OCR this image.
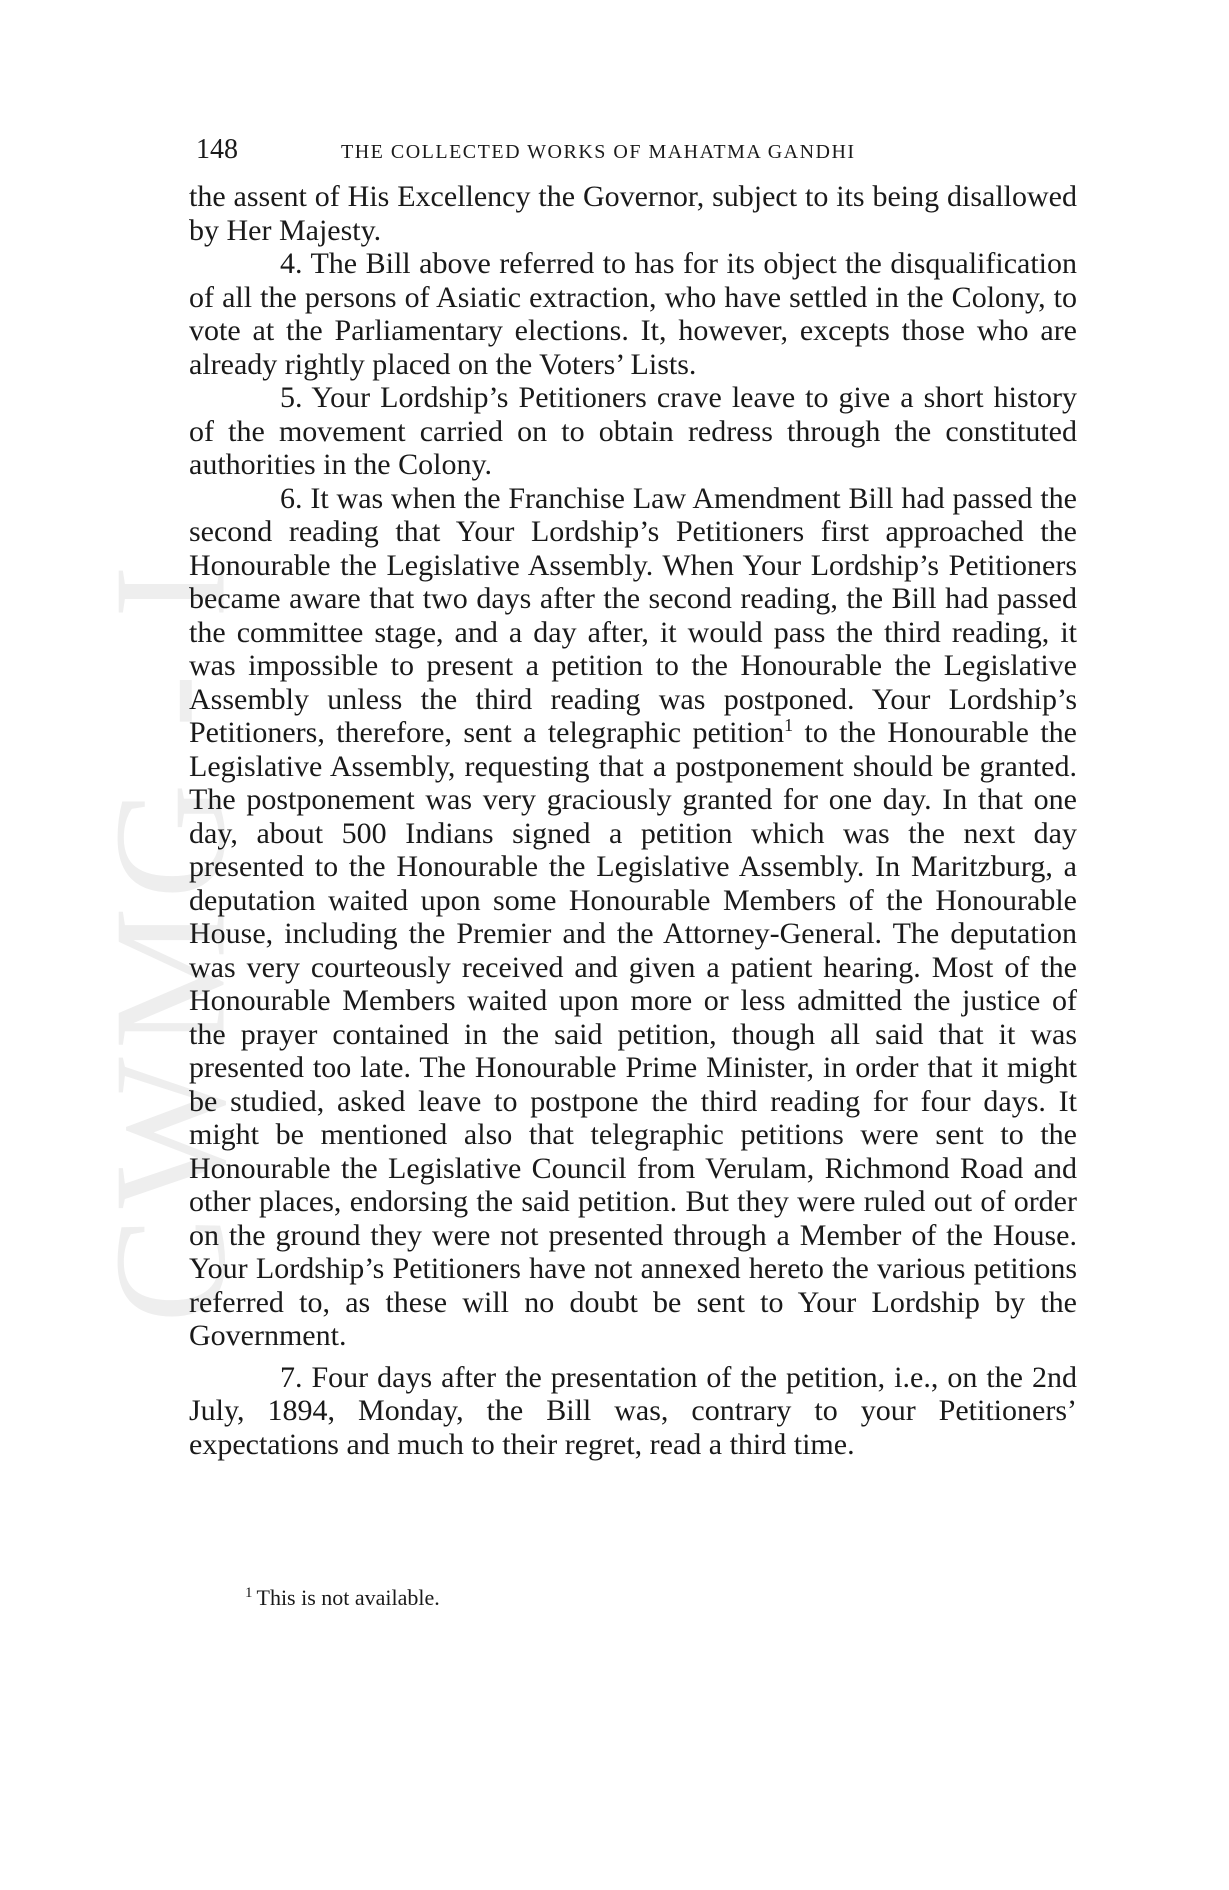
CWMG - I
148	THE COLLECTED WORKS OF MAHATMA GANDHI

the assent of His Excellency the Governor, subject to its being disallowed by Her Majesty.

4. The Bill above referred to has for its object the disqualification of all the persons of Asiatic extraction, who have settled in the Colony, to vote at the Parliamentary elections. It, however, excepts those who are already rightly placed on the Voters’ Lists.

5. Your Lordship’s Petitioners crave leave to give a short history of the movement carried on to obtain redress through the constituted authorities in the Colony.

6. It was when the Franchise Law Amendment Bill had passed the second reading that Your Lordship’s Petitioners first approached the Honourable the Legislative Assembly. When Your Lordship’s Petitioners became aware that two days after the second reading, the Bill had passed the committee stage, and a day after, it would pass the third reading, it was impossible to present a petition to the Honourable the Legislative Assembly unless the third reading was postponed. Your Lordship’s Petitioners, therefore, sent a telegraphic petition$^1$ to the Honourable the Legislative Assembly, requesting that a postponement should be granted. The postponement was very graciously granted for one day. In that one day, about 500 Indians signed a petition which was the next day presented to the Honourable the Legislative Assembly. In Maritzburg, a deputation waited upon some Honourable Members of the Honourable House, including the Premier and the Attorney-General. The deputation was very courteously received and given a patient hearing. Most of the Honourable Members waited upon more or less admitted the justice of the prayer contained in the said petition, though all said that it was presented too late. The Honourable Prime Minister, in order that it might be studied, asked leave to postpone the third reading for four days. It might be mentioned also that telegraphic petitions were sent to the Honourable the Legislative Council from Verulam, Richmond Road and other places, endorsing the said petition. But they were ruled out of order on the ground they were not presented through a Member of the House. Your Lordship’s Petitioners have not annexed hereto the various petitions referred to, as these will no doubt be sent to Your Lordship by the Government.

7. Four days after the presentation of the petition, i.e., on the 2nd July, 1894, Monday, the Bill was, contrary to your Petitioners’ expectations and much to their regret, read a third time.

$^1$ This is not available.
